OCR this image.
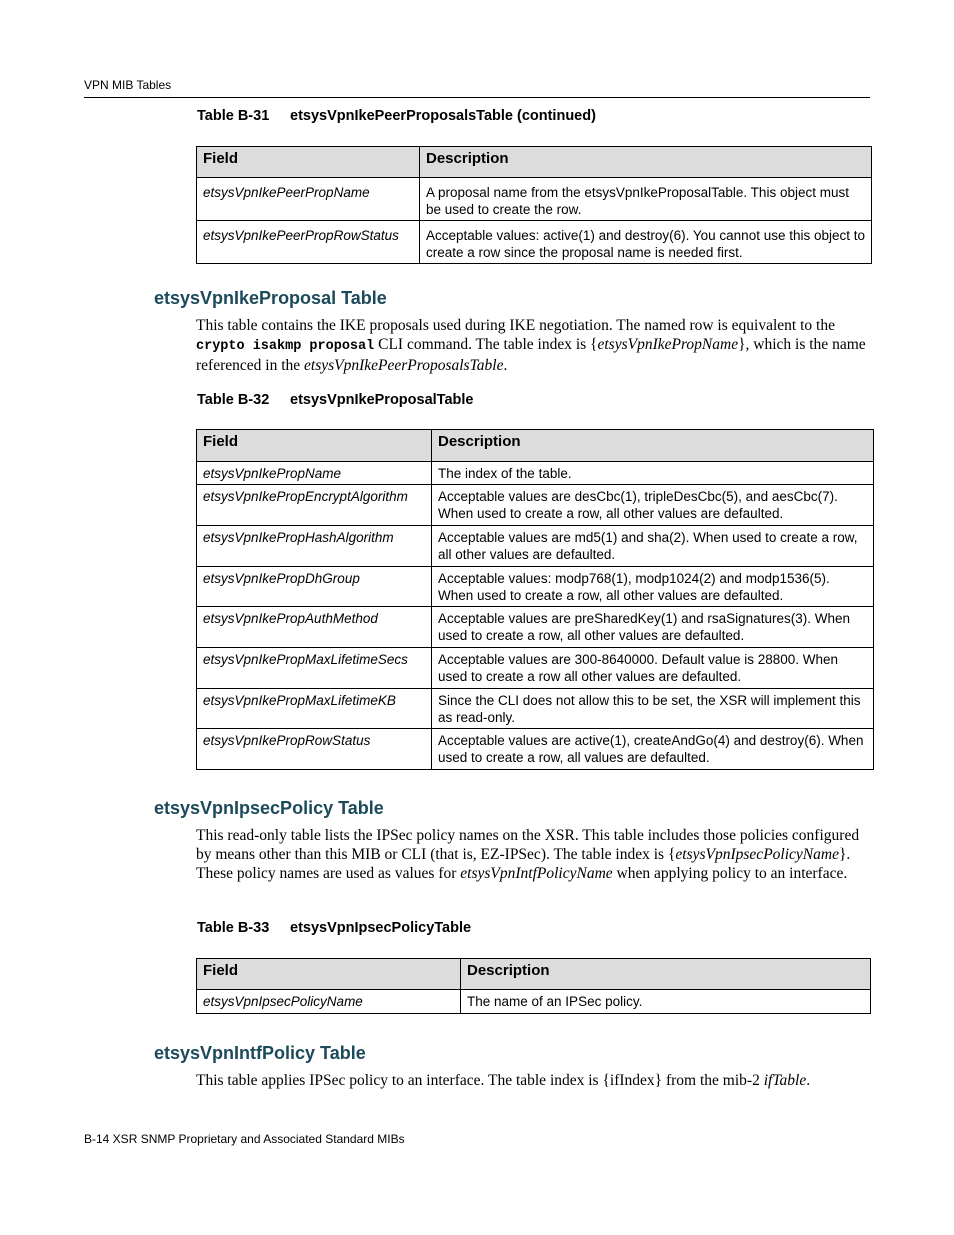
VPN MIB Tables
Table B-31 etsysVpnIkePeerProposalsTable (continued)
Field	Description
etsysVpnIkePeerPropName	A proposal name from the etsysVpnIkeProposalTable. This object must be used to create the row.
etsysVpnIkePeerPropRowStatus	Acceptable values: active(1) and destroy(6). You cannot use this object to create a row since the proposal name is needed first.
etsysVpnIkeProposal Table
This table contains the IKE proposals used during IKE negotiation. The named row is equivalent to the crypto isakmp proposal CLI command. The table index is {etsysVpnIkePropName}, which is the name referenced in the etsysVpnIkePeerProposalsTable.
Table B-32 etsysVpnIkeProposalTable
Field	Description
etsysVpnIkePropName	The index of the table.
etsysVpnIkePropEncryptAlgorithm	Acceptable values are desCbc(1), tripleDesCbc(5), and aesCbc(7). When used to create a row, all other values are defaulted.
etsysVpnIkePropHashAlgorithm	Acceptable values are md5(1) and sha(2). When used to create a row, all other values are defaulted.
etsysVpnIkePropDhGroup	Acceptable values: modp768(1), modp1024(2) and modp1536(5). When used to create a row, all other values are defaulted.
etsysVpnIkePropAuthMethod	Acceptable values are preSharedKey(1) and rsaSignatures(3). When used to create a row, all other values are defaulted.
etsysVpnIkePropMaxLifetimeSecs	Acceptable values are 300-8640000. Default value is 28800. When used to create a row all other values are defaulted.
etsysVpnIkePropMaxLifetimeKB	Since the CLI does not allow this to be set, the XSR will implement this as read-only.
etsysVpnIkePropRowStatus	Acceptable values are active(1), createAndGo(4) and destroy(6). When used to create a row, all values are defaulted.
etsysVpnIpsecPolicy Table
This read-only table lists the IPSec policy names on the XSR. This table includes those policies configured by means other than this MIB or CLI (that is, EZ-IPSec). The table index is {etsysVpnIpsecPolicyName}. These policy names are used as values for etsysVpnIntfPolicyName when applying policy to an interface.
Table B-33 etsysVpnIpsecPolicyTable
Field	Description
etsysVpnIpsecPolicyName	The name of an IPSec policy.
etsysVpnIntfPolicy Table
This table applies IPSec policy to an interface. The table index is {ifIndex} from the mib-2 ifTable.
B-14 XSR SNMP Proprietary and Associated Standard MIBs
